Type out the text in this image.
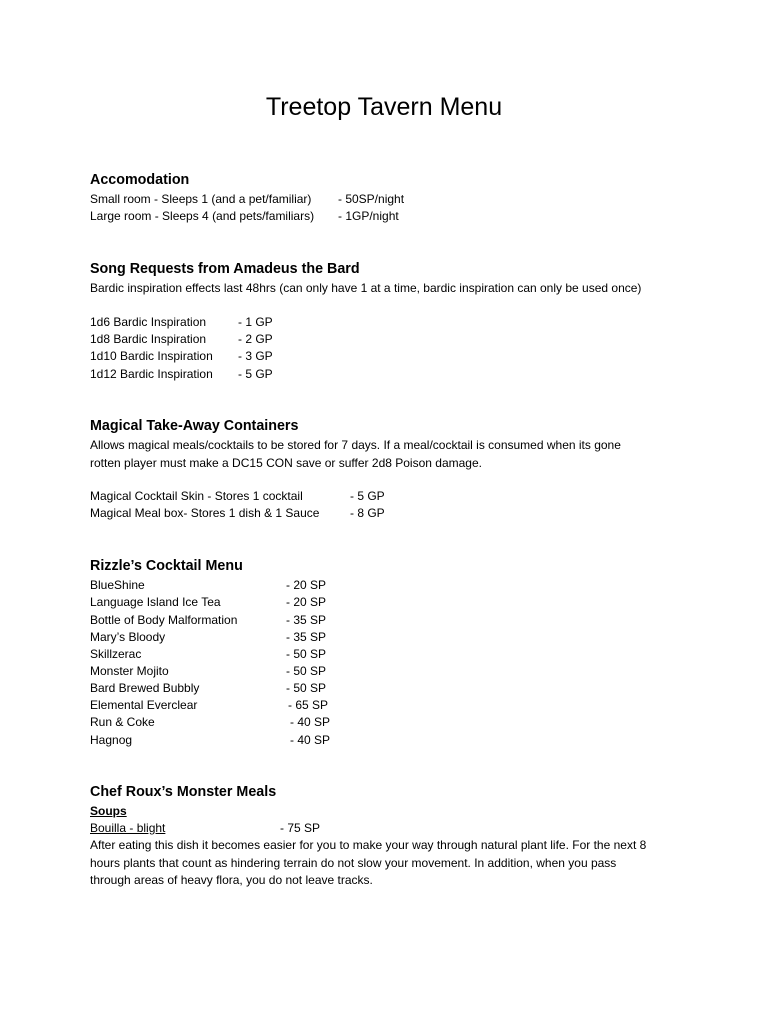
Treetop Tavern Menu
Accomodation
Small room - Sleeps 1 (and a pet/familiar) - 50SP/night
Large room - Sleeps 4 (and pets/familiars) - 1GP/night
Song Requests from Amadeus the Bard
Bardic inspiration effects last 48hrs (can only have 1 at a time, bardic inspiration can only be used once)
1d6 Bardic Inspiration	- 1 GP
1d8 Bardic Inspiration	- 2 GP
1d10 Bardic Inspiration - 3 GP
1d12 Bardic Inspiration - 5 GP
Magical Take-Away Containers
Allows magical meals/cocktails to be stored for 7 days. If a meal/cocktail is consumed when its gone
rotten player must make a DC15 CON save or suffer 2d8 Poison damage.
Magical Cocktail Skin - Stores 1 cocktail	- 5 GP
Magical Meal box- Stores 1 dish & 1 Sauce	- 8 GP
Rizzle’s Cocktail Menu
BlueShine	- 20 SP
Language Island Ice Tea	- 20 SP
Bottle of Body Malformation	- 35 SP
Mary’s Bloody	- 35 SP
Skillzerac	- 50 SP
Monster Mojito	- 50 SP
Bard Brewed Bubbly	- 50 SP
Elemental Everclear	- 65 SP
Run & Coke	- 40 SP
Hagnog	- 40 SP
Chef Roux’s Monster Meals
Soups
Bouilla - blight	- 75 SP
After eating this dish it becomes easier for you to make your way through natural plant life. For the next 8
hours plants that count as hindering terrain do not slow your movement. In addition, when you pass
through areas of heavy flora, you do not leave tracks.
